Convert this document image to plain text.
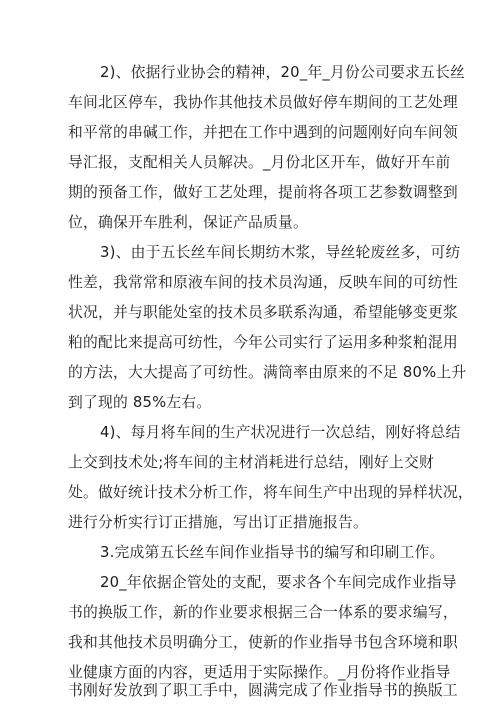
2)、依据行业协会的精神，20_年_月份公司要求五长丝
车间北区停车，我协作其他技术员做好停车期间的工艺处理
和平常的串碱工作，并把在工作中遇到的问题刚好向车间领
导汇报，支配相关人员解决。_月份北区开车，做好开车前
期的预备工作，做好工艺处理，提前将各项工艺参数调整到
位，确保开车胜利，保证产品质量。
3)、由于五长丝车间长期纺木浆，导丝轮废丝多，可纺
性差，我常常和原液车间的技术员沟通，反映车间的可纺性
状况，并与职能处室的技术员多联系沟通，希望能够变更浆
粕的配比来提高可纺性，今年公司实行了运用多种浆粕混用
的方法，大大提高了可纺性。满筒率由原来的不足 80%上升
到了现的 85%左右。
4)、每月将车间的生产状况进行一次总结，刚好将总结
上交到技术处;将车间的主材消耗进行总结，刚好上交财
处。做好统计技术分析工作，将车间生产中出现的异样状况，
进行分析实行订正措施，写出订正措施报告。
3.完成第五长丝车间作业指导书的编写和印刷工作。
20_年依据企管处的支配，要求各个车间完成作业指导
书的换版工作，新的作业要求根据三合一体系的要求编写，
我和其他技术员明确分工，使新的作业指导书包含环境和职
业健康方面的内容，更适用于实际操作。_月份将作业指导
书刚好发放到了职工手中，圆满完成了作业指导书的换版工
